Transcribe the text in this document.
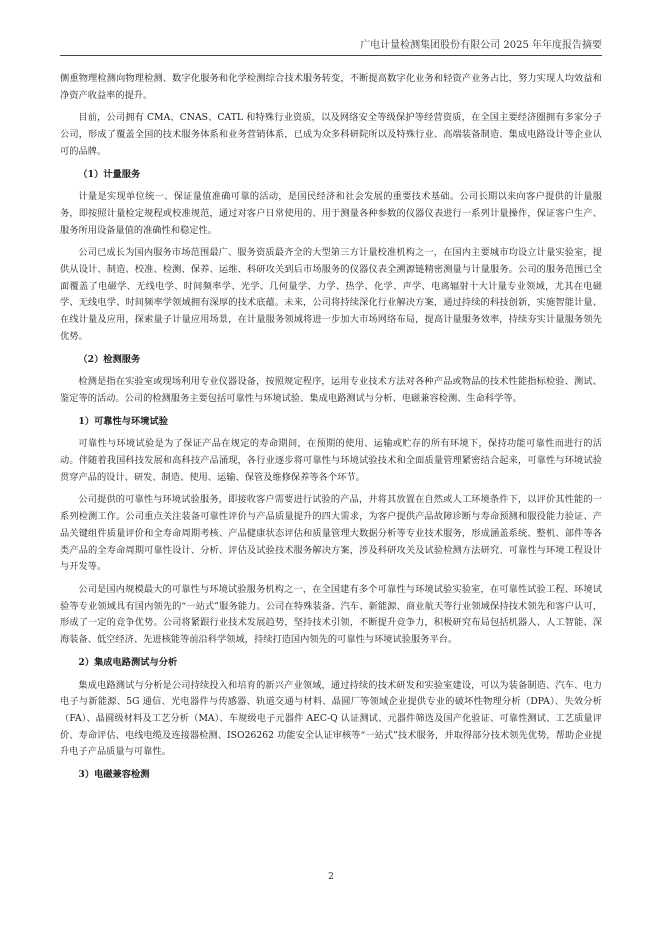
广电计量检测集团股份有限公司 2025 年年度报告摘要

侧重物理检测向物理检测、数字化服务和化学检测综合技术服务转变，不断提高数字化业务和轻资产业务占比，努力实现人均效益和净资产收益率的提升。

目前，公司拥有 CMA、CNAS、CATL 和特殊行业资质，以及网络安全等级保护等经营资质，在全国主要经济圈拥有多家分子公司，形成了覆盖全国的技术服务体系和业务营销体系，已成为众多科研院所以及特殊行业、高端装备制造、集成电路设计等企业认可的品牌。

（1）计量服务

计量是实现单位统一、保证量值准确可靠的活动，是国民经济和社会发展的重要技术基础。公司长期以来向客户提供的计量服务，即按照计量检定规程或校准规范，通过对客户日常使用的、用于测量各种参数的仪器仪表进行一系列计量操作，保证客户生产、服务所用设备量值的准确性和稳定性。

公司已成长为国内服务市场范围最广、服务资质最齐全的大型第三方计量校准机构之一，在国内主要城市均设立计量实验室，提供从设计、制造、校准、检测、保养、运维、科研攻关到后市场服务的仪器仪表全溯源链精密测量与计量服务。公司的服务范围已全面覆盖了电磁学、无线电学、时间频率学、光学、几何量学、力学、热学、化学、声学、电离辐射十大计量专业领域，尤其在电磁学、无线电学、时间频率学领域拥有深厚的技术底蕴。未来，公司将持续深化行业解决方案，通过持续的科技创新，实施智能计量、在线计量及应用，探索量子计量应用场景，在计量服务领域将进一步加大市场网络布局，提高计量服务效率，持续夯实计量服务领先优势。

（2）检测服务

检测是指在实验室或现场利用专业仪器设备，按照规定程序，运用专业技术方法对各种产品或物品的技术性能指标检验、测试、鉴定等的活动。公司的检测服务主要包括可靠性与环境试验、集成电路测试与分析、电磁兼容检测、生命科学等。

1）可靠性与环境试验

可靠性与环境试验是为了保证产品在规定的寿命期间，在预期的使用、运输或贮存的所有环境下，保持功能可靠性而进行的活动。伴随着我国科技发展和高科技产品涌现，各行业逐步将可靠性与环境试验技术和全面质量管理紧密结合起来，可靠性与环境试验贯穿产品的设计、研发、制造、使用、运输、保管及维修保养等各个环节。

公司提供的可靠性与环境试验服务，即接收客户需要进行试验的产品，并将其放置在自然或人工环境条件下，以评价其性能的一系列检测工作。公司重点关注装备可靠性评价与产品质量提升的四大需求，为客户提供产品故障诊断与寿命预测和服役能力验证、产品关键组件质量评价和全寿命周期考核、产品健康状态评估和质量管理大数据分析等专业技术服务，形成涵盖系统、整机、部件等各类产品的全寿命周期可靠性设计、分析、评估及试验技术服务解决方案，涉及科研攻关及试验检测方法研究、可靠性与环境工程设计与开发等。

公司是国内规模最大的可靠性与环境试验服务机构之一，在全国建有多个可靠性与环境试验实验室，在可靠性试验工程、环境试验等专业领域具有国内领先的“一站式”服务能力。公司在特殊装备、汽车、新能源、商业航天等行业领域保持技术领先和客户认可，形成了一定的竞争优势。公司将紧跟行业技术发展趋势，坚持技术引领，不断提升竞争力，积极研究布局包括机器人、人工智能、深海装备、低空经济、先进核能等前沿科学领域，持续打造国内领先的可靠性与环境试验服务平台。

2）集成电路测试与分析

集成电路测试与分析是公司持续投入和培育的新兴产业领域，通过持续的技术研发和实验室建设，可以为装备制造、汽车、电力电子与新能源、5G 通信、光电器件与传感器、轨道交通与材料、晶圆厂等领域企业提供专业的破坏性物理分析（DPA）、失效分析（FA）、晶圆级材料及工艺分析（MA）、车规级电子元器件 AEC-Q 认证测试、元器件筛选及国产化验证、可靠性测试、工艺质量评价、寿命评估、电线电缆及连接器检测、ISO26262 功能安全认证审核等“一站式”技术服务，并取得部分技术领先优势，帮助企业提升电子产品质量与可靠性。

3）电磁兼容检测
2
